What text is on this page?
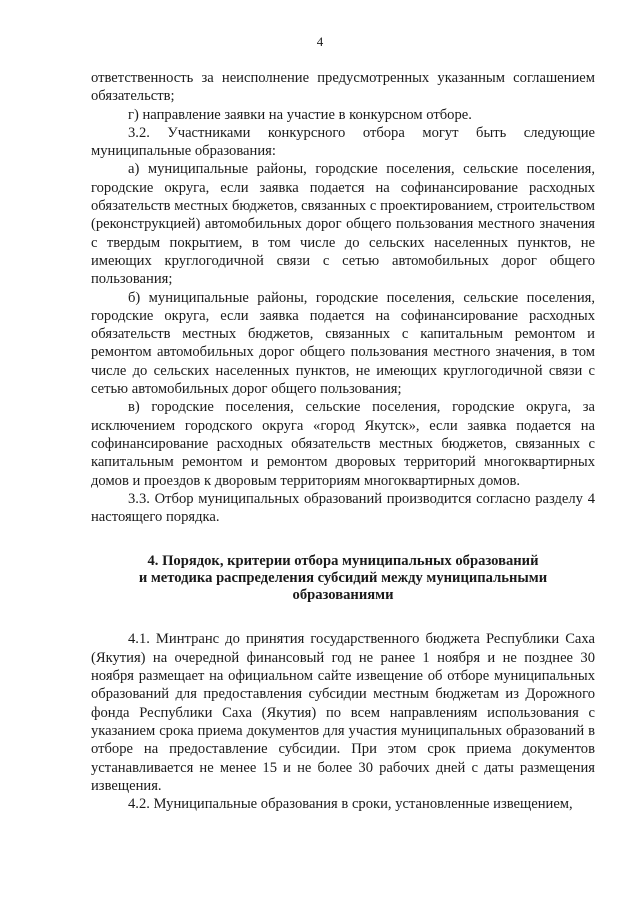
4

ответственность за неисполнение предусмотренных указанным соглашением обязательств;

г) направление заявки на участие в конкурсном отборе.

3.2. Участниками конкурсного отбора могут быть следующие муниципальные образования:

а) муниципальные районы, городские поселения, сельские поселения, городские округа, если заявка подается на софинансирование расходных обязательств местных бюджетов, связанных с проектированием, строительством (реконструкцией) автомобильных дорог общего пользования местного значения с твердым покрытием, в том числе до сельских населенных пунктов, не имеющих круглогодичной связи с сетью автомобильных дорог общего пользования;

б) муниципальные районы, городские поселения, сельские поселения, городские округа, если заявка подается на софинансирование расходных обязательств местных бюджетов, связанных с капитальным ремонтом и ремонтом автомобильных дорог общего пользования местного значения, в том числе до сельских населенных пунктов, не имеющих круглогодичной связи с сетью автомобильных дорог общего пользования;

в) городские поселения, сельские поселения, городские округа, за исключением городского округа «город Якутск», если заявка подается на софинансирование расходных обязательств местных бюджетов, связанных с капитальным ремонтом и ремонтом дворовых территорий многоквартирных домов и проездов к дворовым территориям многоквартирных домов.

3.3. Отбор муниципальных образований производится согласно разделу 4 настоящего порядка.

4. Порядок, критерии отбора муниципальных образований
и методика распределения субсидий между муниципальными
образованиями

4.1. Минтранс до принятия государственного бюджета Республики Саха (Якутия) на очередной финансовый год не ранее 1 ноября и не позднее 30 ноября размещает на официальном сайте извещение об отборе муниципальных образований для предоставления субсидии местным бюджетам из Дорожного фонда Республики Саха (Якутия) по всем направлениям использования с указанием срока приема документов для участия муниципальных образований в отборе на предоставление субсидии. При этом срок приема документов устанавливается не менее 15 и не более 30 рабочих дней с даты размещения извещения.

4.2. Муниципальные образования в сроки, установленные извещением,
